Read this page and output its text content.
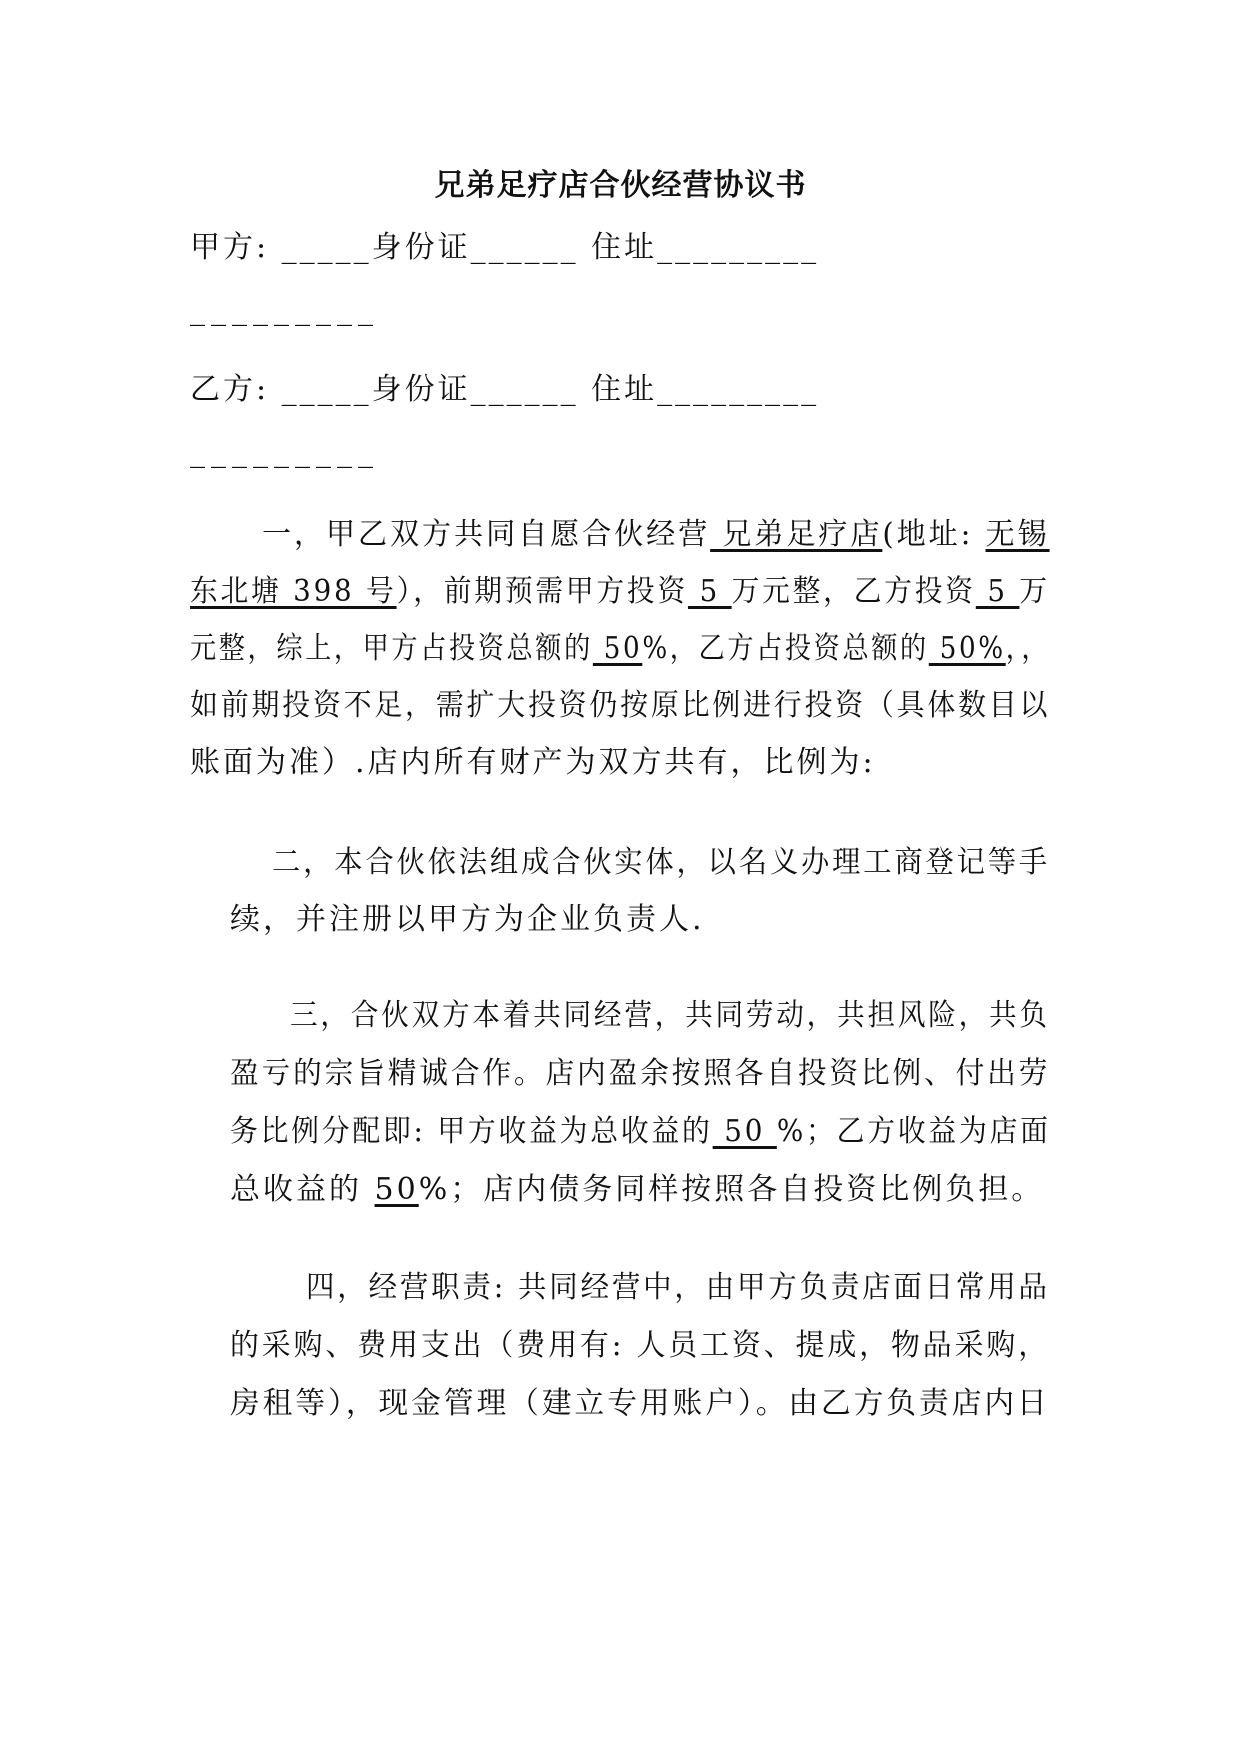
兄弟足疗店合伙经营协议书
甲方: _____身份证______ 住址_________
_________
乙方: _____身份证______ 住址_________
_________
一，甲乙双方共同自愿合伙经营 兄弟足疗店(地址: 无锡
东北塘 398 号），前期预需甲方投资 5 万元整，乙方投资 5 万
元整，综上，甲方占投资总额的 50%，乙方占投资总额的 50%，，
如前期投资不足，需扩大投资仍按原比例进行投资（具体数目以
账面为准）.店内所有财产为双方共有，比例为:
二，本合伙依法组成合伙实体，以名义办理工商登记等手
续，并注册以甲方为企业负责人.
三，合伙双方本着共同经营，共同劳动，共担风险，共负
盈亏的宗旨精诚合作。店内盈余按照各自投资比例、付出劳
务比例分配即: 甲方收益为总收益的 50 %；乙方收益为店面
总收益的 50%；店内债务同样按照各自投资比例负担。
四，经营职责: 共同经营中，由甲方负责店面日常用品
的采购、费用支出（费用有: 人员工资、提成，物品采购，
房租等），现金管理（建立专用账户）。由乙方负责店内日
